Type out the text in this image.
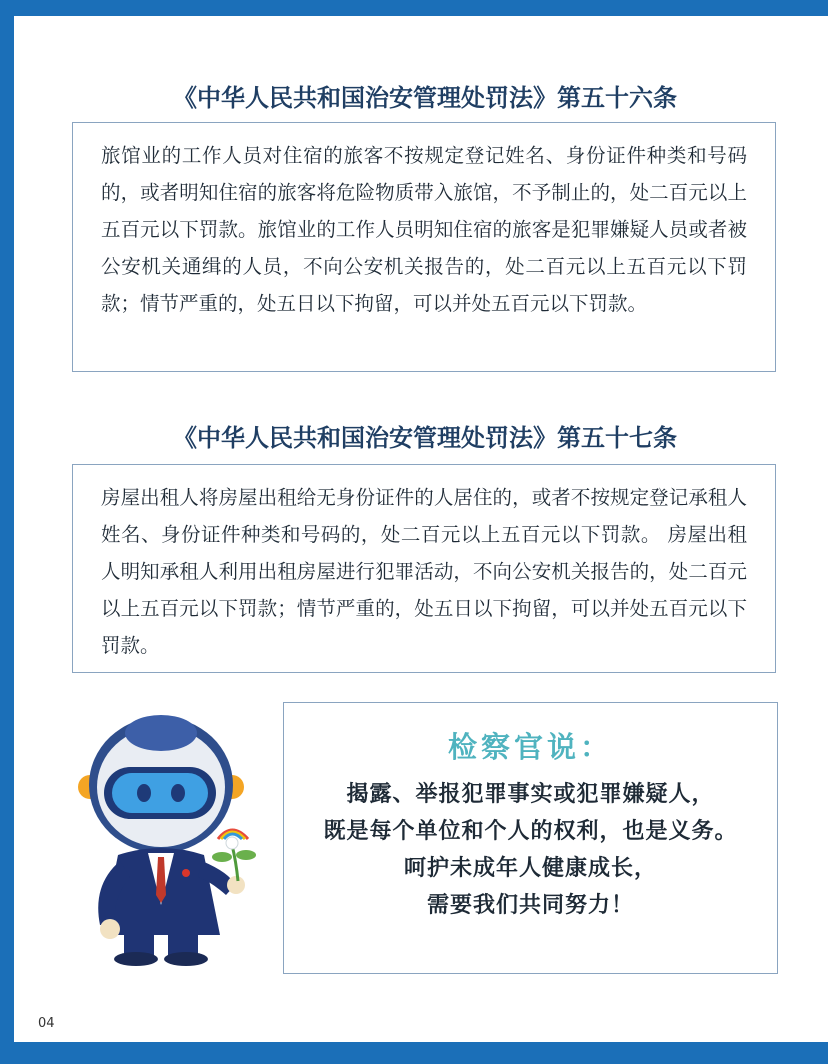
《中华人民共和国治安管理处罚法》第五十六条
旅馆业的工作人员对住宿的旅客不按规定登记姓名、身份证件种类和号码的，或者明知住宿的旅客将危险物质带入旅馆，不予制止的，处二百元以上五百元以下罚款。旅馆业的工作人员明知住宿的旅客是犯罪嫌疑人员或者被公安机关通缉的人员，不向公安机关报告的，处二百元以上五百元以下罚款；情节严重的，处五日以下拘留，可以并处五百元以下罚款。
《中华人民共和国治安管理处罚法》第五十七条
房屋出租人将房屋出租给无身份证件的人居住的，或者不按规定登记承租人姓名、身份证件种类和号码的，处二百元以上五百元以下罚款。 房屋出租人明知承租人利用出租房屋进行犯罪活动，不向公安机关报告的，处二百元以上五百元以下罚款；情节严重的，处五日以下拘留，可以并处五百元以下罚款。
检察官说：
揭露、举报犯罪事实或犯罪嫌疑人，
既是每个单位和个人的权利，也是义务。
呵护未成年人健康成长，
需要我们共同努力！
04
